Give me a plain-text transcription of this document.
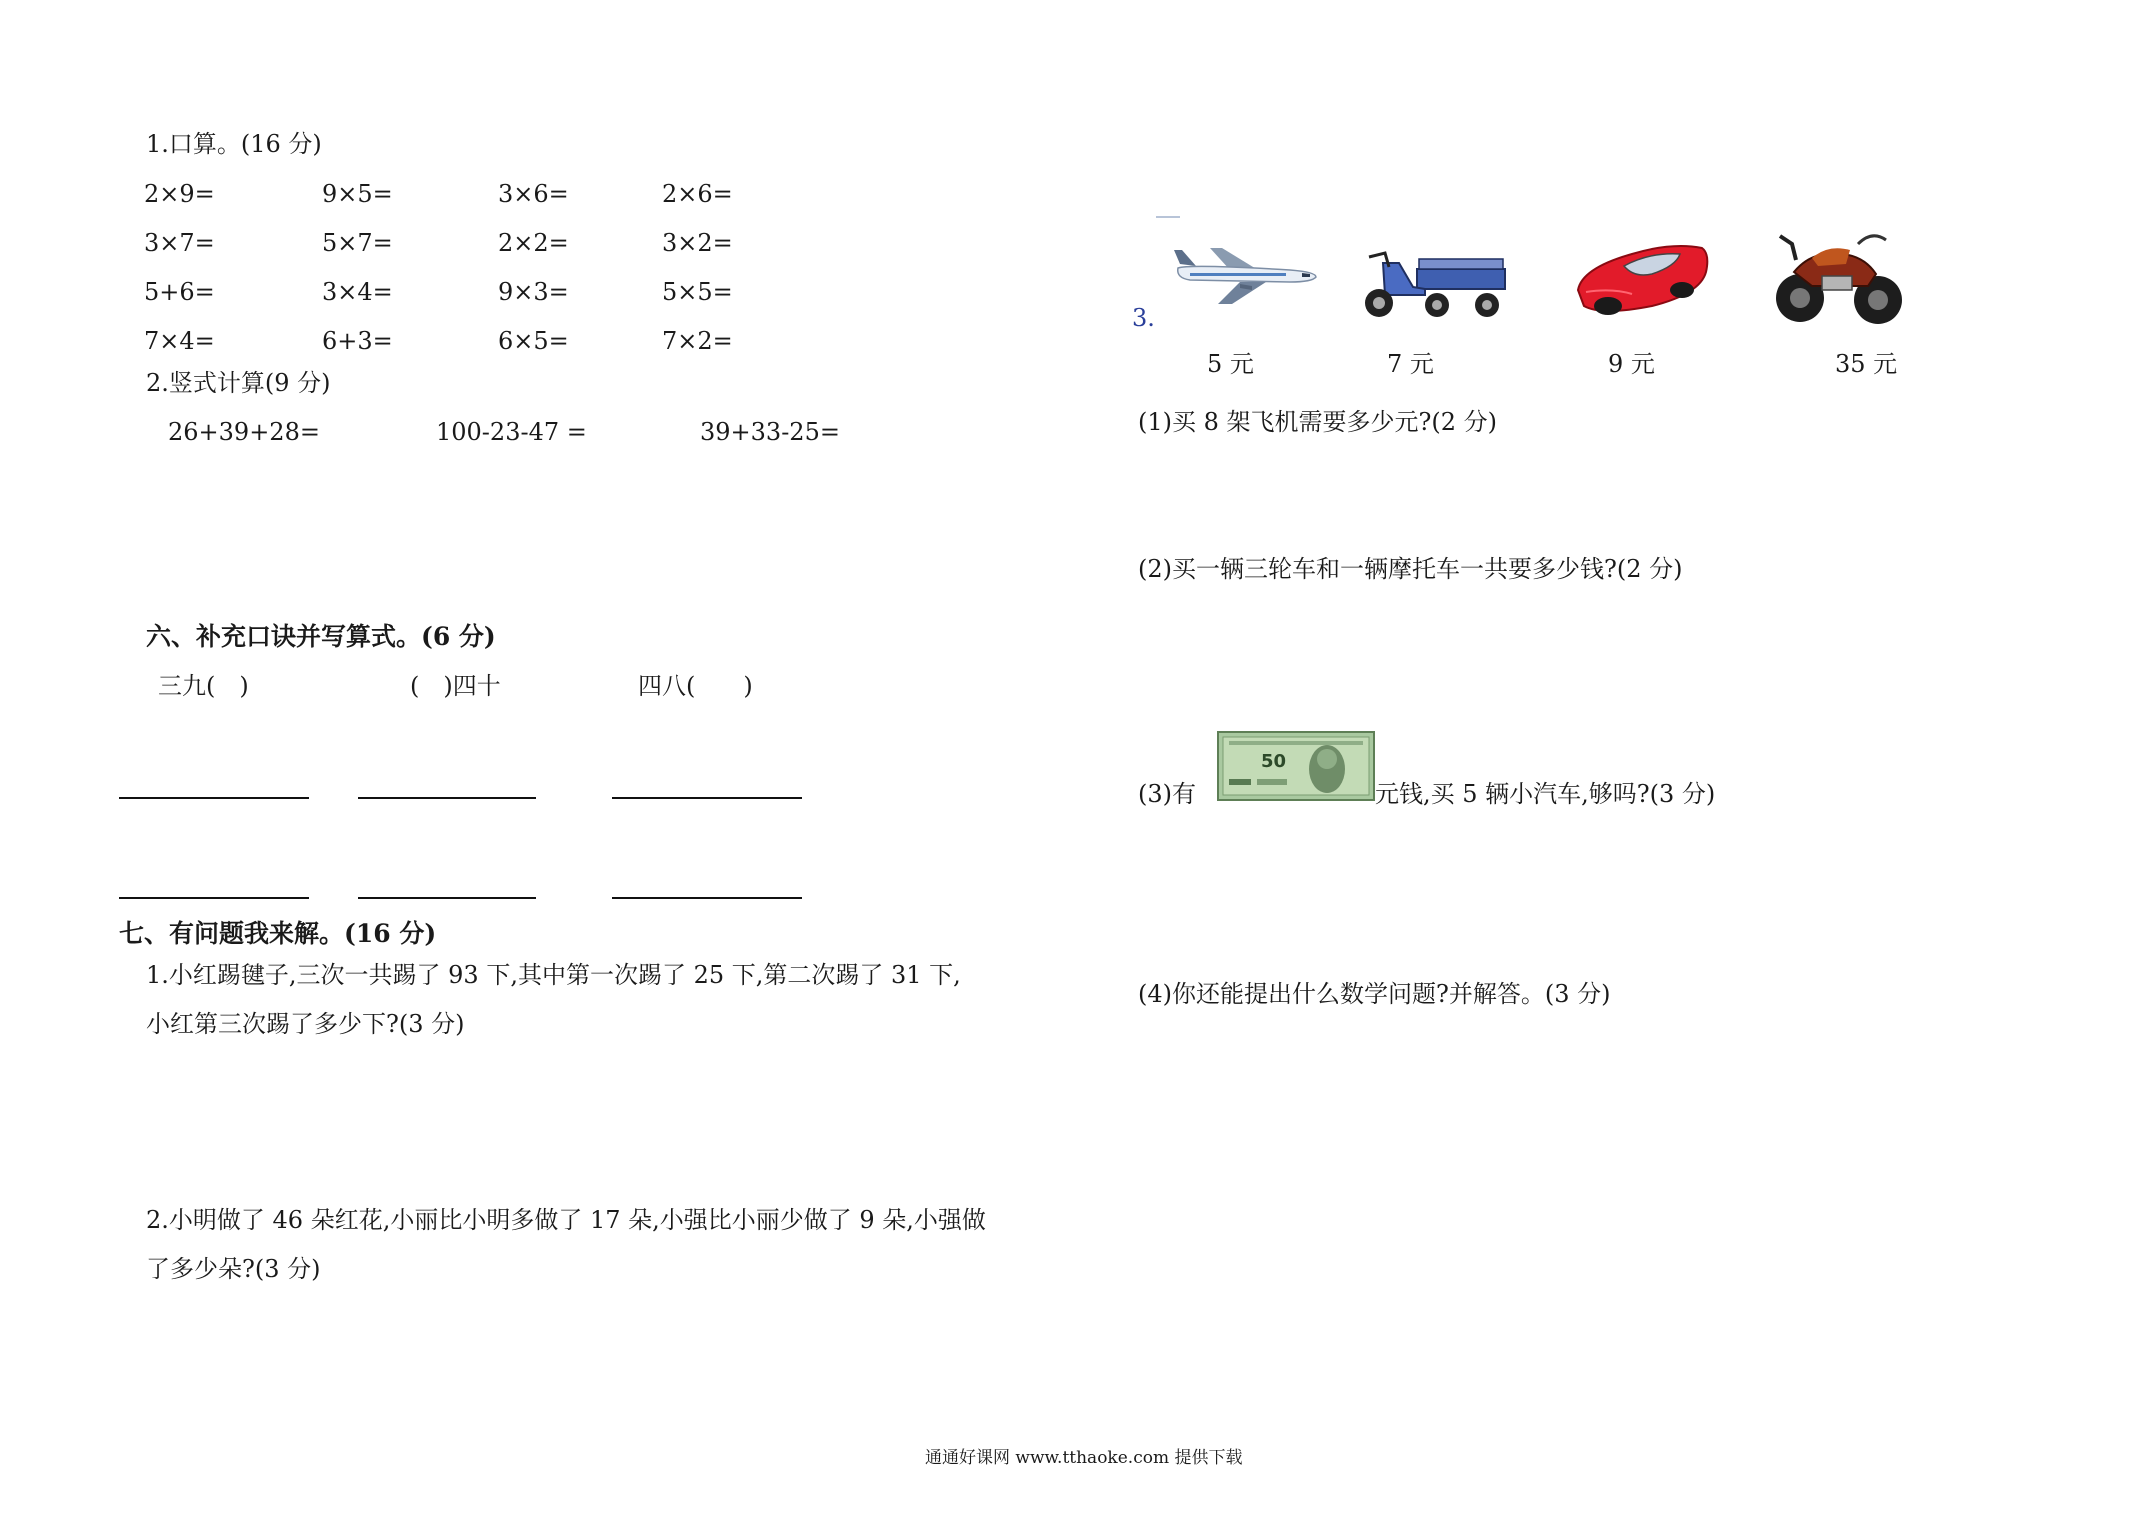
1.口算。(16 分)
2×9=	9×5=	3×6=	2×6=
3×7=	5×7=	2×2=	3×2=
5+6=	3×4=	9×3=	5×5=
7×4=	6+3=	6×5=	7×2=
2.竖式计算(9 分)
26+39+28=	100-23-47 =	39+33-25=
六、补充口诀并写算式。(6 分)
三九(　)	(　)四十	四八(　　)
七、有问题我来解。(16 分)
1.小红踢毽子,三次一共踢了 93 下,其中第一次踢了 25 下,第二次踢了 31 下,
小红第三次踢了多少下?(3 分)
2.小明做了 46 朵红花,小丽比小明多做了 17 朵,小强比小丽少做了 9 朵,小强做
了多少朵?(3 分)
3.
5 元	7 元	9 元	35 元
(1)买 8 架飞机需要多少元?(2 分)
(2)买一辆三轮车和一辆摩托车一共要多少钱?(2 分)
(3)有
50
元钱,买 5 辆小汽车,够吗?(3 分)
(4)你还能提出什么数学问题?并解答。(3 分)
通通好课网 www.tthaoke.com 提供下载
